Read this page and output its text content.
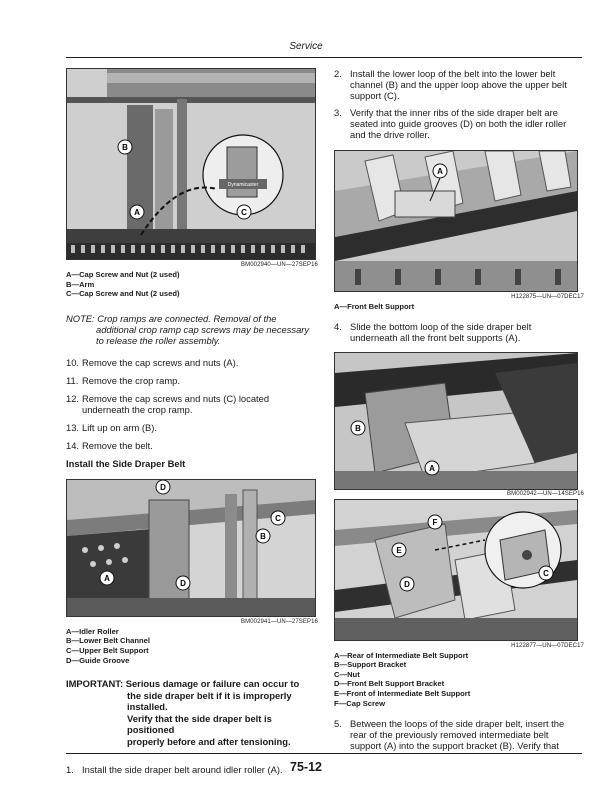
Service
Dynamicaster
B
A	C
BM002940—UN—27SEP16
A—Cap Screw and Nut (2 used)
B—Arm
C—Cap Screw and Nut (2 used)
NOTE: Crop ramps are connected. Removal of the
additional crop ramp cap screws may be necessary
to release the roller assembly.
10. Remove the cap screws and nuts (A).
11. Remove the crop ramp.
12. Remove the cap screws and nuts (C) located
underneath the crop ramp.
13. Lift up on arm (B).
14. Remove the belt.
Install the Side Draper Belt
D
C
B
A
D
BM002941—UN—27SEP16
A—Idler Roller
B—Lower Belt Channel
C—Upper Belt Support
D—Guide Groove
IMPORTANT: Serious damage or failure can occur to
the side draper belt if it is improperly installed.
Verify that the side draper belt is positioned
properly before and after tensioning.
1. Install the side draper belt around idler roller (A).
2. Install the lower loop of the belt into the lower belt
channel (B) and the upper loop above the upper belt
support (C).
3. Verify that the inner ribs of the side draper belt are
seated into guide grooves (D) on both the idler roller
and the drive roller.
A
H122875—UN—07DEC17
A—Front Belt Support
4. Slide the bottom loop of the side draper belt
underneath all the front belt supports (A).
B
A
BM002942—UN—14SEP16
F
E
D
C
H122877—UN—07DEC17
A—Rear of Intermediate Belt Support
B—Support Bracket
C—Nut
D—Front Belt Support Bracket
E—Front of Intermediate Belt Support
F—Cap Screw
5. Between the loops of the side draper belt, insert the
rear of the previously removed intermediate belt
support (A) into the support bracket (B). Verify that
75-12
